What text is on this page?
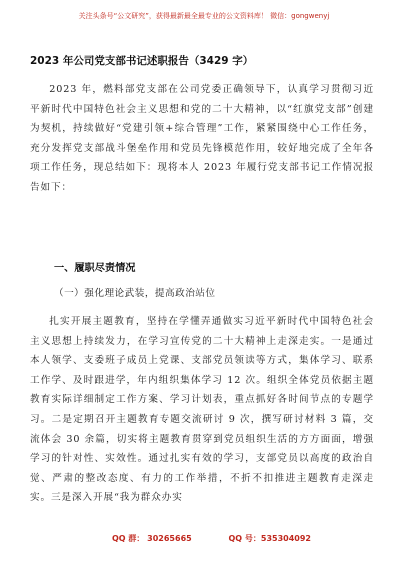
关注头条号“公文研究”，获得最新最全最专业的公文资料库！ 微信：gongwenyj
2023 年公司党支部书记述职报告（3429 字）
2023 年，燃料部党支部在公司党委正确领导下，认真学习贯彻习近平新时代中国特色社会主义思想和党的二十大精神，以“红旗党支部”创建为契机，持续做好“党建引领+综合管理”工作，紧紧围绕中心工作任务，充分发挥党支部战斗堡垒作用和党员先锋模范作用，较好地完成了全年各项工作任务，现总结如下：现将本人 2023 年履行党支部书记工作情况报告如下：
一、履职尽责情况
（一）强化理论武装，提高政治站位
扎实开展主题教育，坚持在学懂弄通做实习近平新时代中国特色社会主义思想上持续发力，在学习宣传党的二十大精神上走深走实。一是通过本人领学、支委班子成员上党课、支部党员领读等方式，集体学习、联系工作学、及时跟进学，年内组织集体学习 12 次。组织全体党员依据主题教育实际详细制定工作方案、学习计划表，重点抓好各时间节点的专题学习。二是定期召开主题教育专题交流研讨 9 次，撰写研讨材料 3 篇，交流体会 30 余篇，切实将主题教育贯穿到党员组织生活的方方面面，增强学习的针对性、实效性。通过扎实有效的学习，支部党员以高度的政治自觉、严肃的整改态度、有力的工作举措，不折不扣推进主题教育走深走实。三是深入开展“我为群众办实
QQ 群： 30265665	QQ 号：535304092
